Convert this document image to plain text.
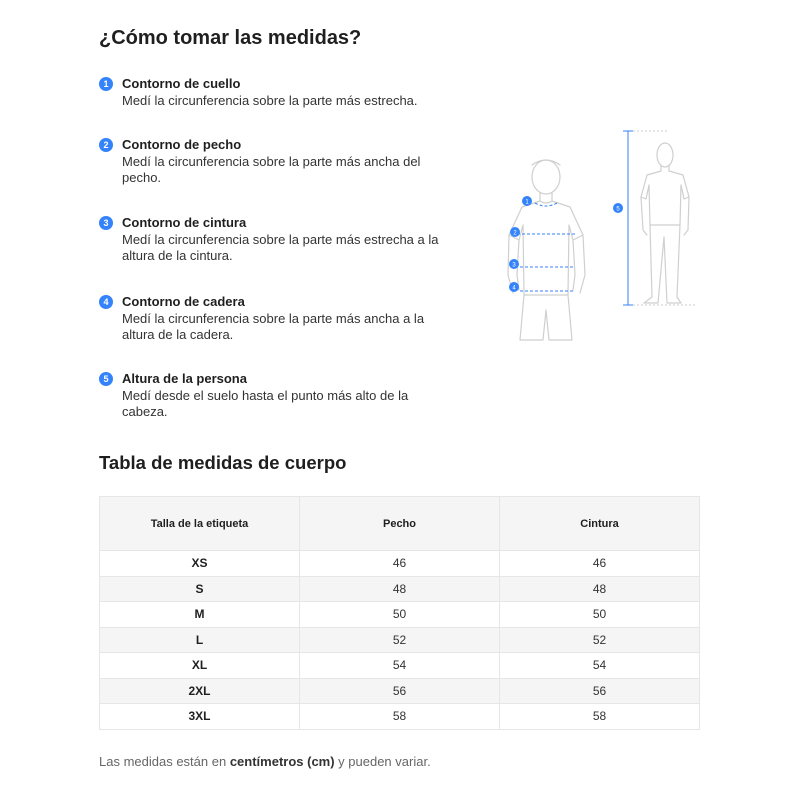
¿Cómo tomar las medidas?
1	Contorno de cuello
Medí la circunferencia sobre la parte más estrecha.
2	Contorno de pecho
Medí la circunferencia sobre la parte más ancha del pecho.
3	Contorno de cintura
Medí la circunferencia sobre la parte más estrecha a la altura de la cintura.
4	Contorno de cadera
Medí la circunferencia sobre la parte más ancha a la altura de la cadera.
5	Altura de la persona
Medí desde el suelo hasta el punto más alto de la cabeza.
1
2
3
4
5
Tabla de medidas de cuerpo
Talla de la etiqueta	Pecho	Cintura
XS	46	46
S	48	48
M	50	50
L	52	52
XL	54	54
2XL	56	56
3XL	58	58
Las medidas están en centímetros (cm) y pueden variar.
